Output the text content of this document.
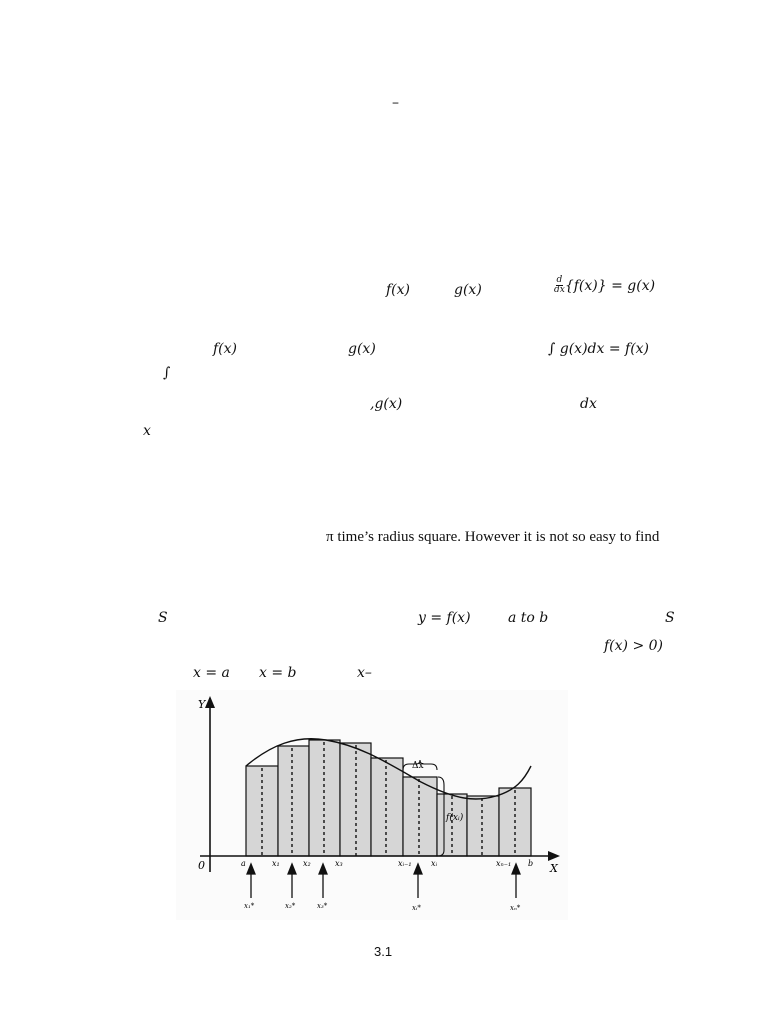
–
f(x)	g(x)	$\frac{d}{dx} \{f(x)\} = g(x)$
f(x)	g(x)	∫ g(x)dx = f(x)
∫
,g(x)	dx
x
π time’s radius square. However it is not so easy to find
S	y = f(x)	a to b	S
f(x) > 0)
x = a x = b	x–
Y
X
0
Δx
f(xᵢ)
a	x₁	x₂	x₃	xᵢ₋₁ xᵢ	xₙ₋₁ b
x₁*	x₂*	x₃*	xᵢ*	xₙ*
3.1
